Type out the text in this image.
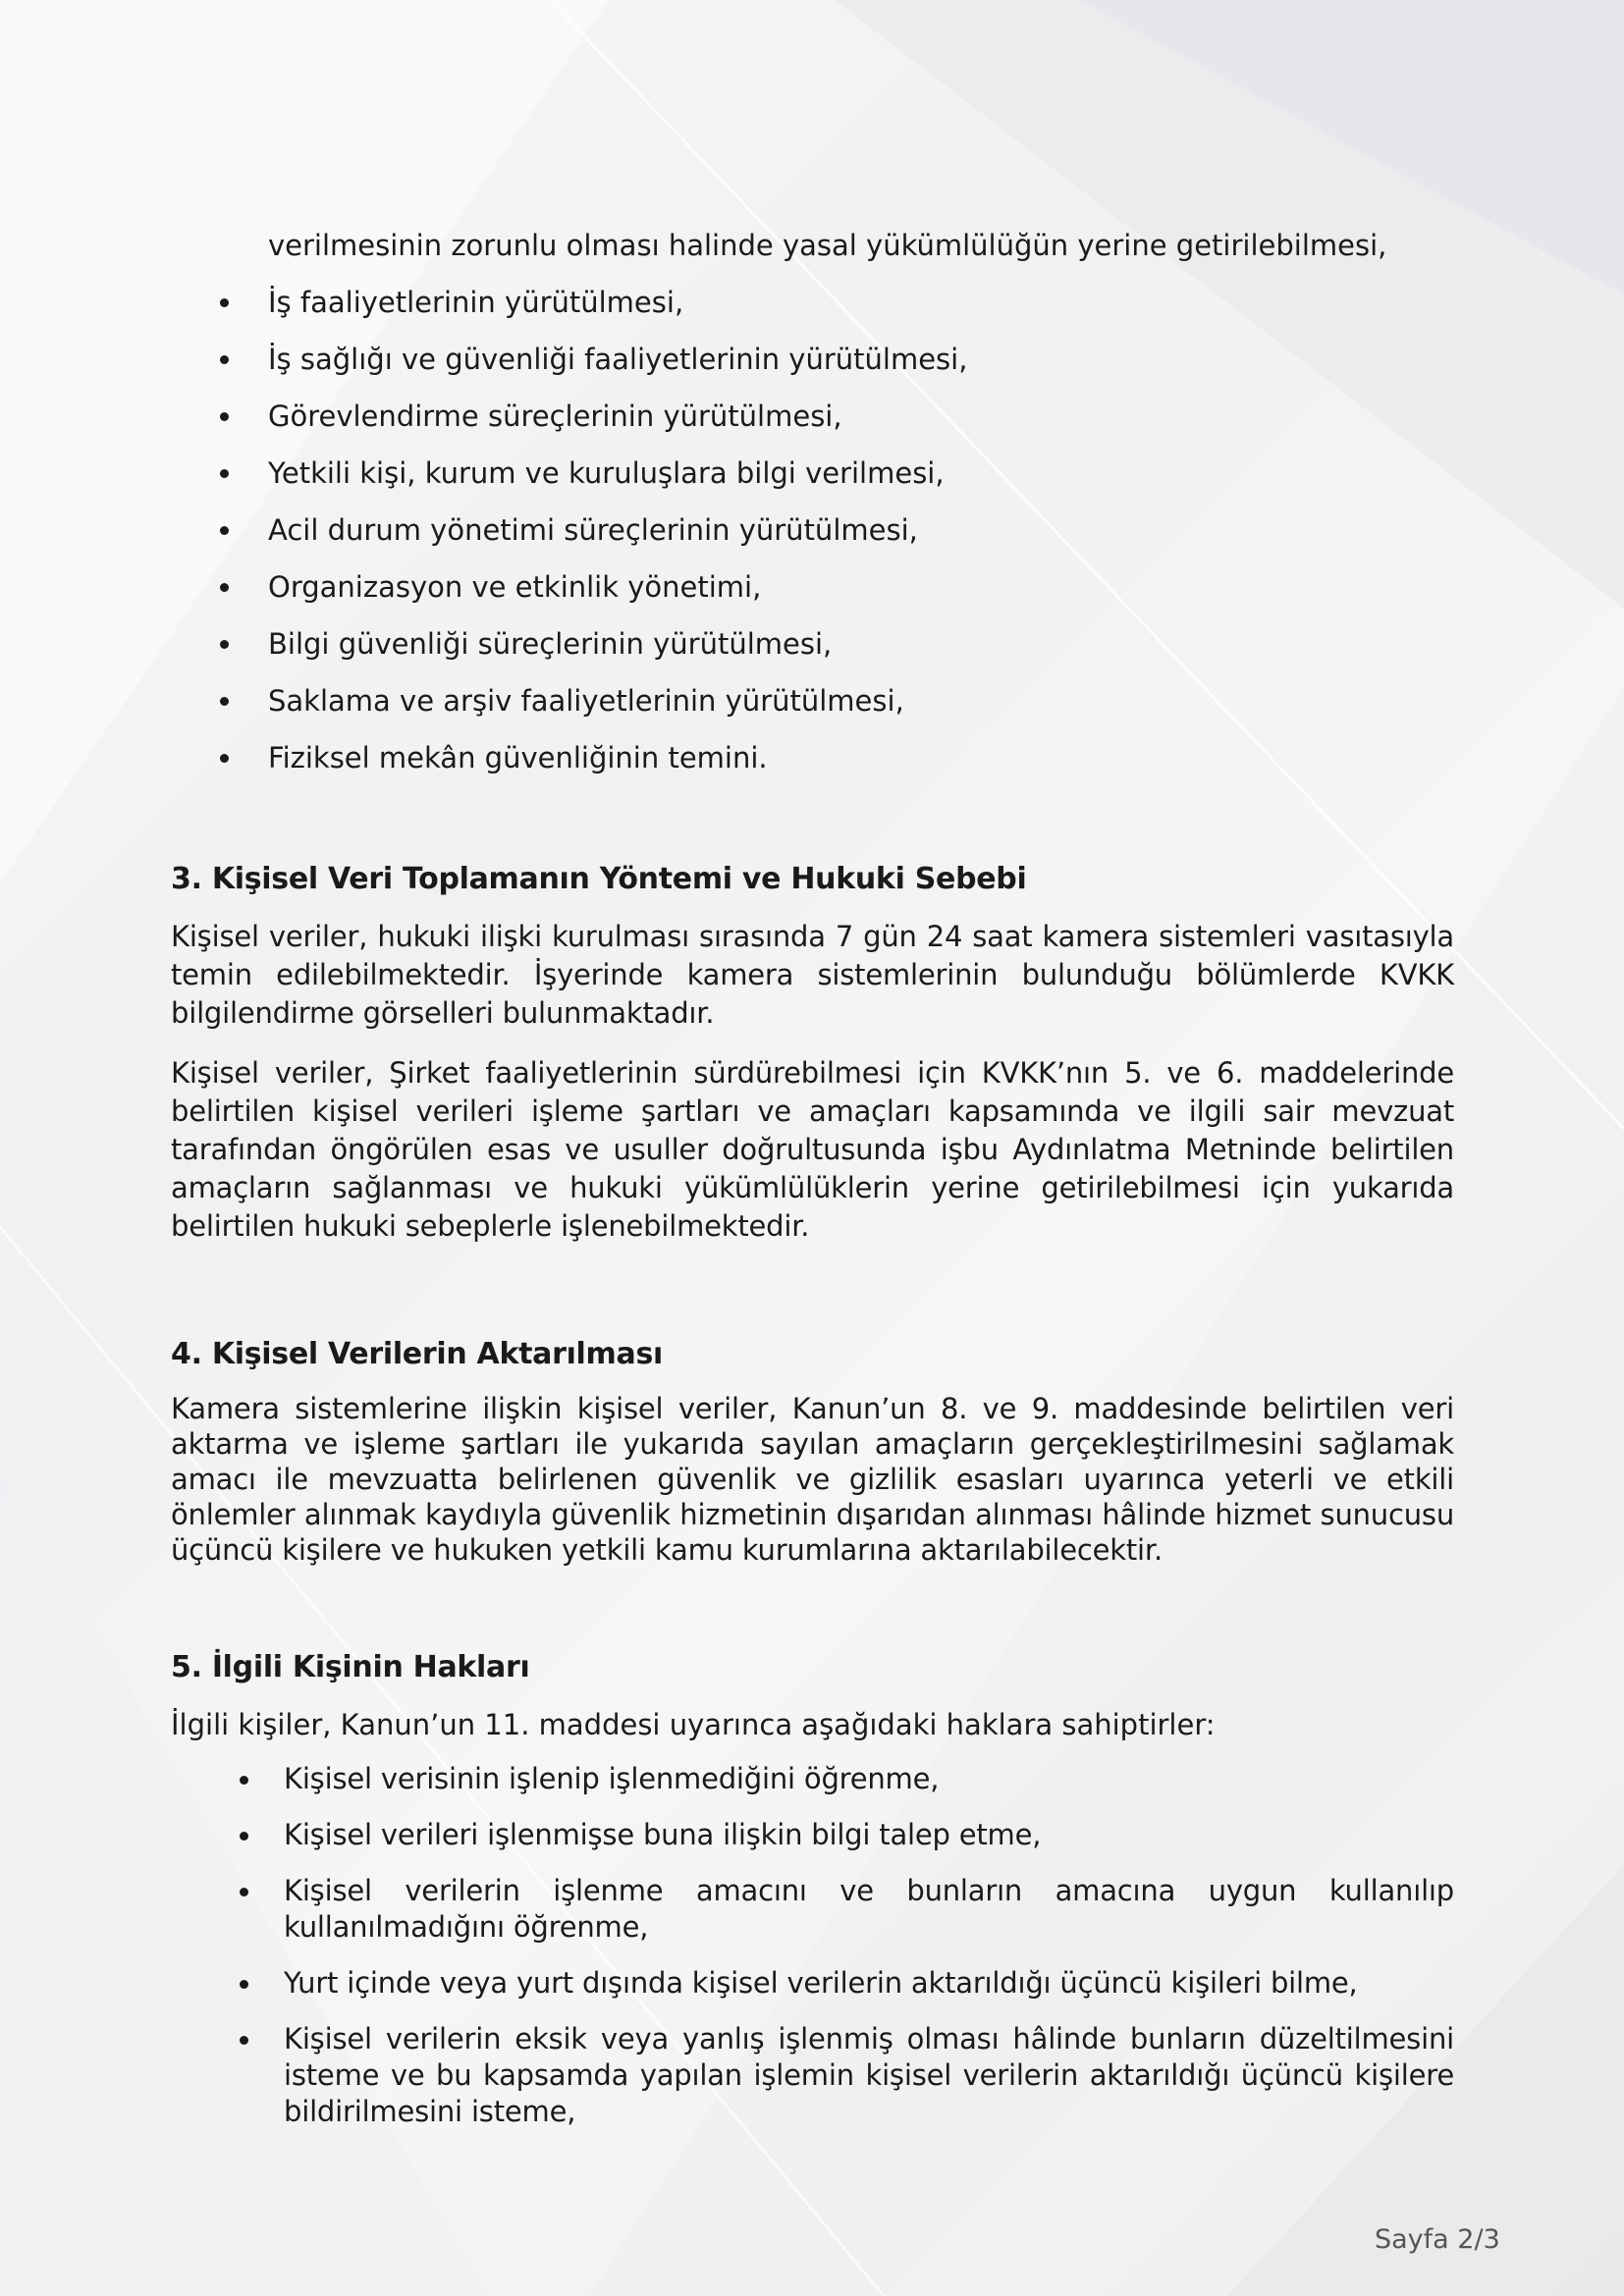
verilmesinin zorunlu olması halinde yasal yükümlülüğün yerine getirilebilmesi,

İş faaliyetlerinin yürütülmesi,
İş sağlığı ve güvenliği faaliyetlerinin yürütülmesi,
Görevlendirme süreçlerinin yürütülmesi,
Yetkili kişi, kurum ve kuruluşlara bilgi verilmesi,
Acil durum yönetimi süreçlerinin yürütülmesi,
Organizasyon ve etkinlik yönetimi,
Bilgi güvenliği süreçlerinin yürütülmesi,
Saklama ve arşiv faaliyetlerinin yürütülmesi,
Fiziksel mekân güvenliğinin temini.
3. Kişisel Veri Toplamanın Yöntemi ve Hukuki Sebebi

Kişisel veriler, hukuki ilişki kurulması sırasında 7 gün 24 saat kamera sistemleri vasıtasıyla temin edilebilmektedir. İşyerinde kamera sistemlerinin bulunduğu bölümlerde KVKK bilgilendirme görselleri bulunmaktadır.

Kişisel veriler, Şirket faaliyetlerinin sürdürebilmesi için KVKK’nın 5. ve 6. maddelerinde belirtilen kişisel verileri işleme şartları ve amaçları kapsamında ve ilgili sair mevzuat tarafından öngörülen esas ve usuller doğrultusunda işbu Aydınlatma Metninde belirtilen amaçların sağlanması ve hukuki yükümlülüklerin yerine getirilebilmesi için yukarıda belirtilen hukuki sebeplerle işlenebilmektedir.

4. Kişisel Verilerin Aktarılması

Kamera sistemlerine ilişkin kişisel veriler, Kanun’un 8. ve 9. maddesinde belirtilen veri aktarma ve işleme şartları ile yukarıda sayılan amaçların gerçekleştirilmesini sağlamak amacı ile mevzuatta belirlenen güvenlik ve gizlilik esasları uyarınca yeterli ve etkili önlemler alınmak kaydıyla güvenlik hizmetinin dışarıdan alınması hâlinde hizmet sunucusu üçüncü kişilere ve hukuken yetkili kamu kurumlarına aktarılabilecektir.

5. İlgili Kişinin Hakları

İlgili kişiler, Kanun’un 11. maddesi uyarınca aşağıdaki haklara sahiptirler:

Kişisel verisinin işlenip işlenmediğini öğrenme,
Kişisel verileri işlenmişse buna ilişkin bilgi talep etme,
Kişisel verilerin işlenme amacını ve bunların amacına uygun kullanılıp kullanılmadığını öğrenme,
Yurt içinde veya yurt dışında kişisel verilerin aktarıldığı üçüncü kişileri bilme,
Kişisel verilerin eksik veya yanlış işlenmiş olması hâlinde bunların düzeltilmesini isteme ve bu kapsamda yapılan işlemin kişisel verilerin aktarıldığı üçüncü kişilere bildirilmesini isteme,
Sayfa 2/3
